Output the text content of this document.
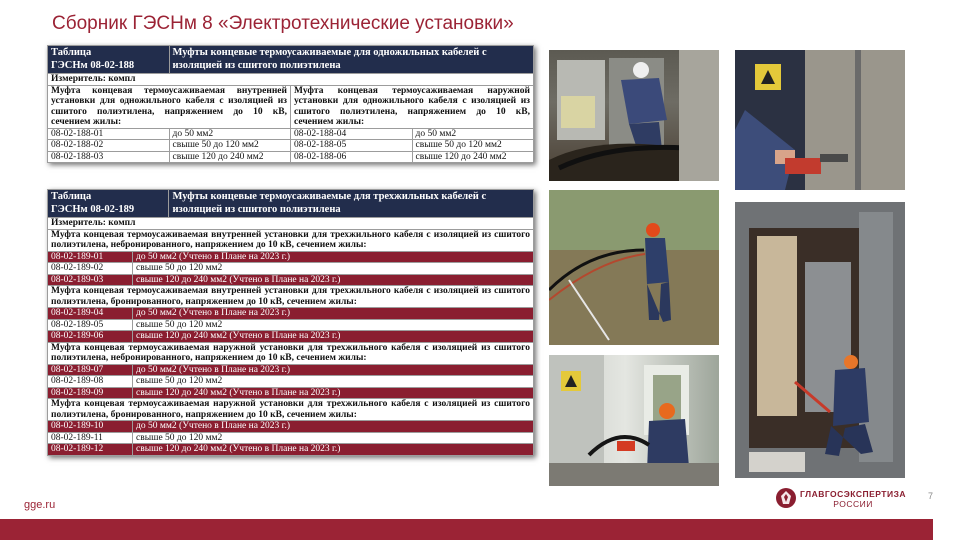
Сборник ГЭСНм 8 «Электротехнические установки»
Таблица
ГЭСНм 08-02-188	Муфты концевые термоусаживаемые для одножильных кабелей с изоляцией из сшитого полиэтилена		
Измеритель: компл			
Муфта концевая термоусаживаемая внутренней установки для одножильного кабеля с изоляцией из сшитого полиэтилена, напряжением до 10 кВ, сечением жилы:		Муфта концевая термоусаживаемая наружной установки для одножильного кабеля с изоляцией из сшитого полиэтилена, напряжением до 10 кВ, сечением жилы:	
08-02-188-01	до 50 мм2	08-02-188-04	до 50 мм2
08-02-188-02	свыше 50 до 120 мм2	08-02-188-05	свыше 50 до 120 мм2
08-02-188-03	свыше 120 до 240 мм2	08-02-188-06	свыше 120 до 240 мм2
Таблица
ГЭСНм 08-02-189		Муфты концевые термоусаживаемые для трехжильных кабелей с изоляцией из сшитого полиэтилена
Измеритель: компл		
Муфта концевая термоусаживаемая внутренней установки для трехжильного кабеля с изоляцией из сшитого полиэтилена, небронированного, напряжением до 10 кВ, сечением жилы:		
08-02-189-01	до 50 мм2 (Учтено в Плане на 2023 г.)	
08-02-189-02	свыше 50 до 120 мм2	
08-02-189-03	свыше 120 до 240 мм2 (Учтено в Плане на 2023 г.)	
Муфта концевая термоусаживаемая внутренней установки для трехжильного кабеля с изоляцией из сшитого полиэтилена, бронированного, напряжением до 10 кВ, сечением жилы:		
08-02-189-04	до 50 мм2 (Учтено в Плане на 2023 г.)	
08-02-189-05	свыше 50 до 120 мм2	
08-02-189-06	свыше 120 до 240 мм2 (Учтено в Плане на 2023 г.)	
Муфта концевая термоусаживаемая наружной установки для трехжильного кабеля с изоляцией из сшитого полиэтилена, небронированного, напряжением до 10 кВ, сечением жилы:		
08-02-189-07	до 50 мм2 (Учтено в Плане на 2023 г.)	
08-02-189-08	свыше 50 до 120 мм2	
08-02-189-09	свыше 120 до 240 мм2 (Учтено в Плане на 2023 г.)	
Муфта концевая термоусаживаемая наружной установки для трехжильного кабеля с изоляцией из сшитого полиэтилена, бронированного, напряжением до 10 кВ, сечением жилы:		
08-02-189-10	до 50 мм2 (Учтено в Плане на 2023 г.)	
08-02-189-11	свыше 50 до 120 мм2	
08-02-189-12	свыше 120 до 240 мм2 (Учтено в Плане на 2023 г.)	
gge.ru
ГЛАВГОСЭКСПЕРТИЗА
РОССИИ
7
